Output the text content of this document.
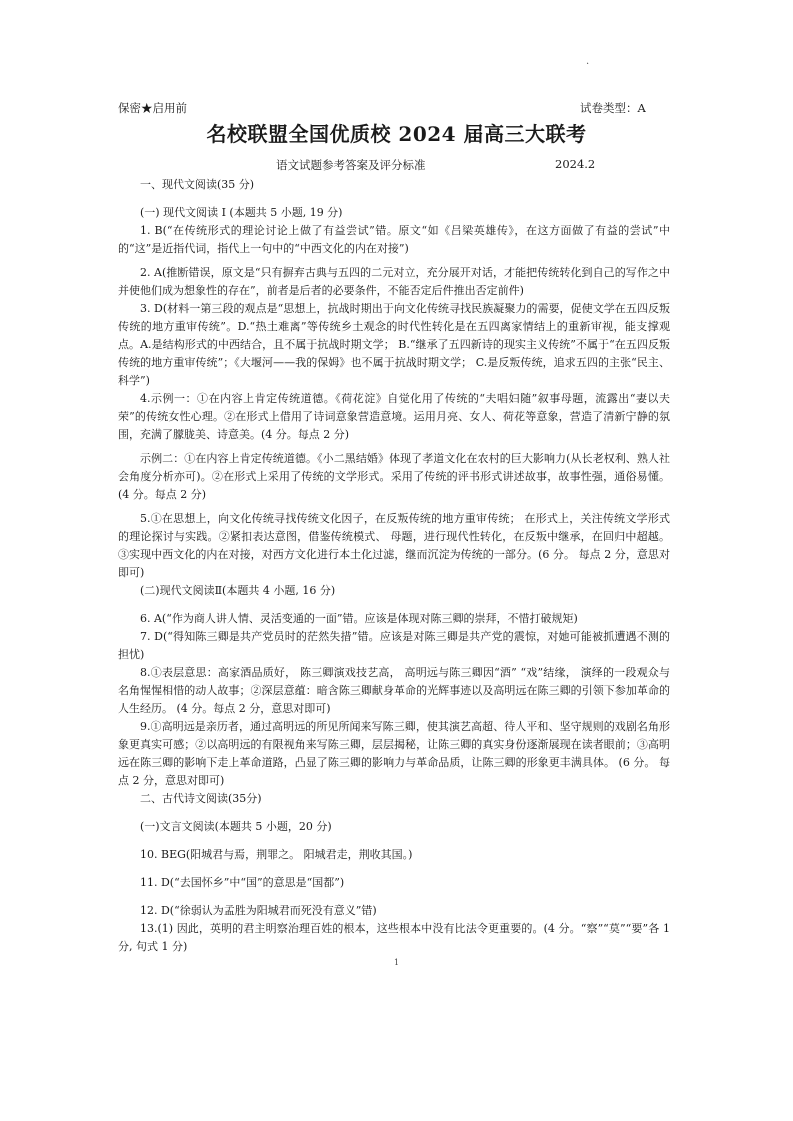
.
保密★启用前	试卷类型：A
名校联盟全国优质校 2024 届高三大联考
语文试题参考答案及评分标准	2024.2

一、现代文阅读(35 分)

(一) 现代文阅读 Ⅰ (本题共 5 小题, 19 分)

1. B(“在传统形式的理论讨论上做了有益尝试”错。原文“如《吕梁英雄传》，在这方面做了有益的尝试”中的“这”是近指代词，指代上一句中的“中西文化的内在对接”)

2. A(推断错误，原文是“只有摒弃古典与五四的二元对立，充分展开对话，才能把传统转化到自己的写作之中并使他们成为想象性的存在”，前者是后者的必要条件，不能否定后件推出否定前件)

3. D(材料一第三段的观点是“思想上，抗战时期出于向文化传统寻找民族凝聚力的需要，促使文学在五四反叛传统的地方重审传统”。D.“热土难离”等传统乡土观念的时代性转化是在五四离家情结上的重新审视，能支撑观点。A.是结构形式的中西结合，且不属于抗战时期文学； B.“继承了五四新诗的现实主义传统”不属于“在五四反叛传统的地方重审传统”；《大堰河——我的保姆》也不属于抗战时期文学； C.是反叛传统，追求五四的主张“民主、科学”)

4.示例一：①在内容上肯定传统道德。《荷花淀》自觉化用了传统的“夫唱妇随”叙事母题，流露出“妻以夫荣”的传统女性心理。②在形式上借用了诗词意象营造意境。运用月亮、女人、荷花等意象，营造了清新宁静的氛围，充满了朦胧美、诗意美。(4 分。每点 2 分)

示例二：①在内容上肯定传统道德。《小二黑结婚》体现了孝道文化在农村的巨大影响力(从长老权利、熟人社会角度分析亦可)。②在形式上采用了传统的文学形式。采用了传统的评书形式讲述故事，故事性强，通俗易懂。(4 分。每点 2 分)

5.①在思想上，向文化传统寻找传统文化因子，在反叛传统的地方重审传统； 在形式上，关注传统文学形式的理论探讨与实践。②紧扣表达意图，借鉴传统模式、 母题，进行现代性转化，在反叛中继承，在回归中超越。③实现中西文化的内在对接，对西方文化进行本土化过滤，继而沉淀为传统的一部分。(6 分。 每点 2 分，意思对即可)

(二)现代文阅读Ⅱ(本题共 4 小题, 16 分)

6. A(“作为商人讲人情、灵活变通的一面”错。应该是体现对陈三卿的崇拜，不惜打破规矩)

7. D(“得知陈三卿是共产党员时的茫然失措”错。应该是对陈三卿是共产党的震惊，对她可能被抓遭遇不测的担忧)

8.①表层意思：高家酒品质好， 陈三卿演戏技艺高， 高明远与陈三卿因“酒” “戏”结缘， 演绎的一段观众与名角惺惺相惜的动人故事；②深层意蕴：暗含陈三卿献身革命的光辉事迹以及高明远在陈三卿的引领下参加革命的人生经历。 (4 分。每点 2 分，意思对即可)

9.①高明远是亲历者，通过高明远的所见所闻来写陈三卿，使其演艺高超、待人平和、坚守规则的戏剧名角形象更真实可感；②以高明远的有限视角来写陈三卿，层层揭秘，让陈三卿的真实身份逐渐展现在读者眼前；③高明远在陈三卿的影响下走上革命道路，凸显了陈三卿的影响力与革命品质，让陈三卿的形象更丰满具体。 (6 分。 每点 2 分，意思对即可)

二、古代诗文阅读(35分)

(一)文言文阅读(本题共 5 小题，20 分)

10. BEG(阳城君与焉，荆罪之。 阳城君走，荆收其国。)

11. D(“去国怀乡”中“国”的意思是“国都”)

12. D(“徐弱认为孟胜为阳城君而死没有意义”错)

13.(1) 因此，英明的君主明察治理百姓的根本，这些根本中没有比法令更重要的。(4 分。“察”“莫”“要”各 1 分, 句式 1 分)

1
